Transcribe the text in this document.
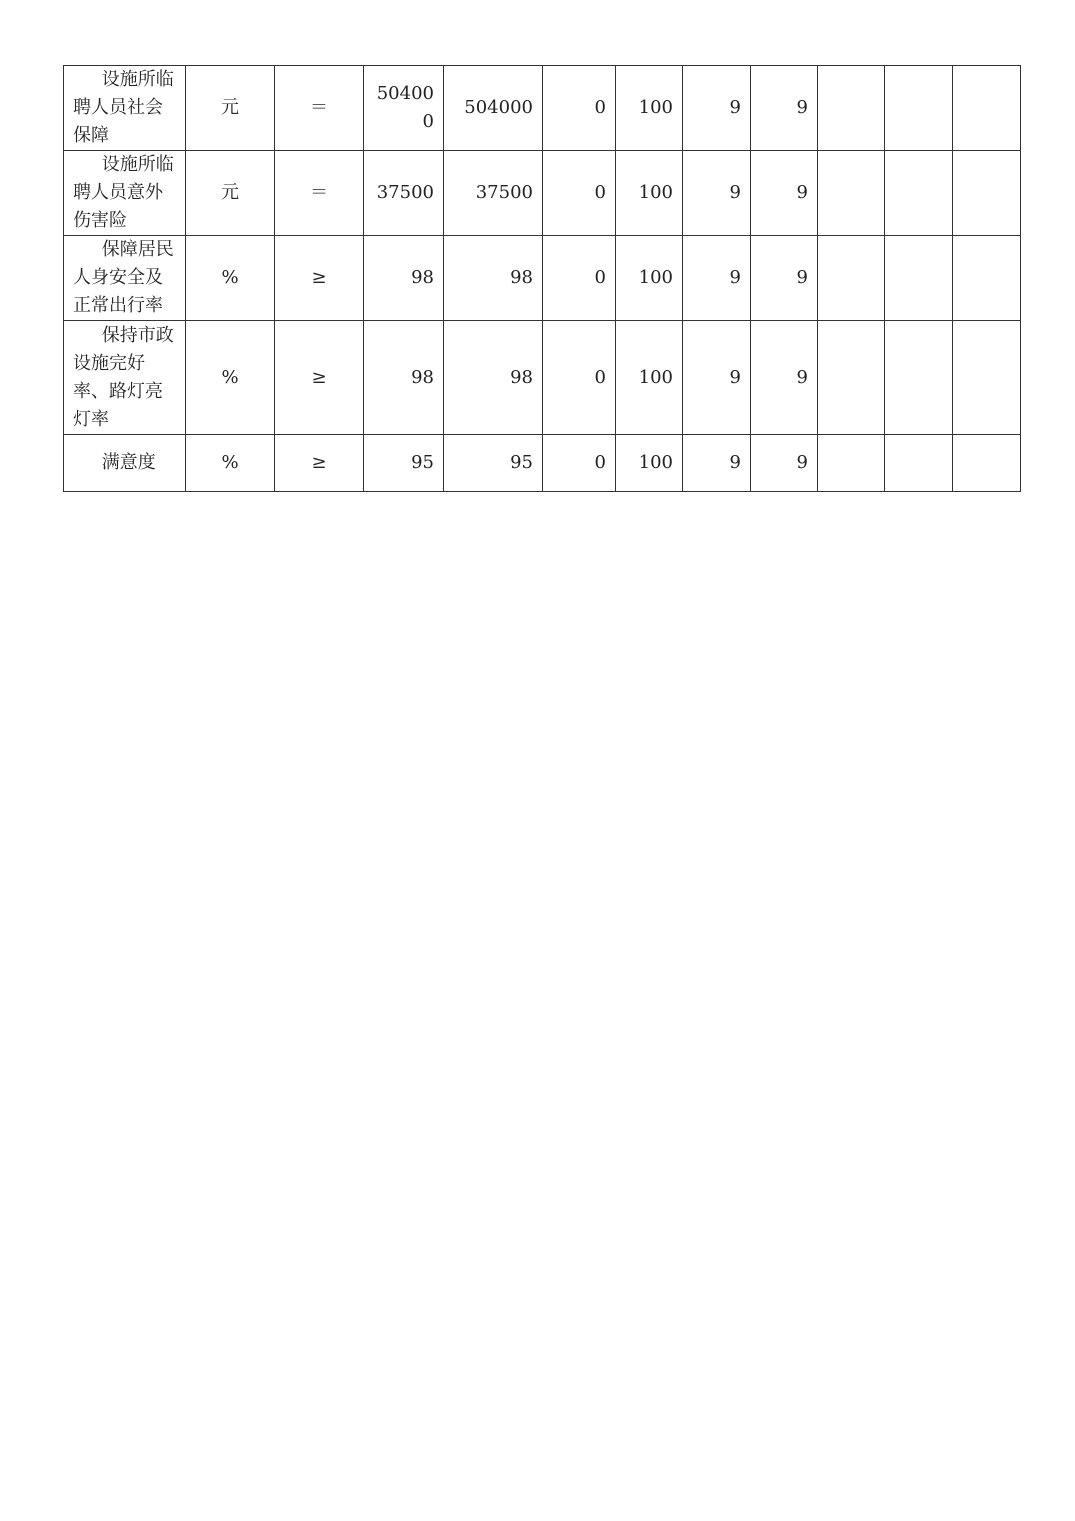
设施所临聘人员社会保障	元	＝	504000	504000	0	100	9	9			
设施所临聘人员意外伤害险	元	＝	37500	37500	0	100	9	9			
保障居民人身安全及正常出行率	%	≥	98	98	0	100	9	9			
保持市政设施完好率、路灯亮灯率	%	≥	98	98	0	100	9	9			
满意度	%	≥	95	95	0	100	9	9			
